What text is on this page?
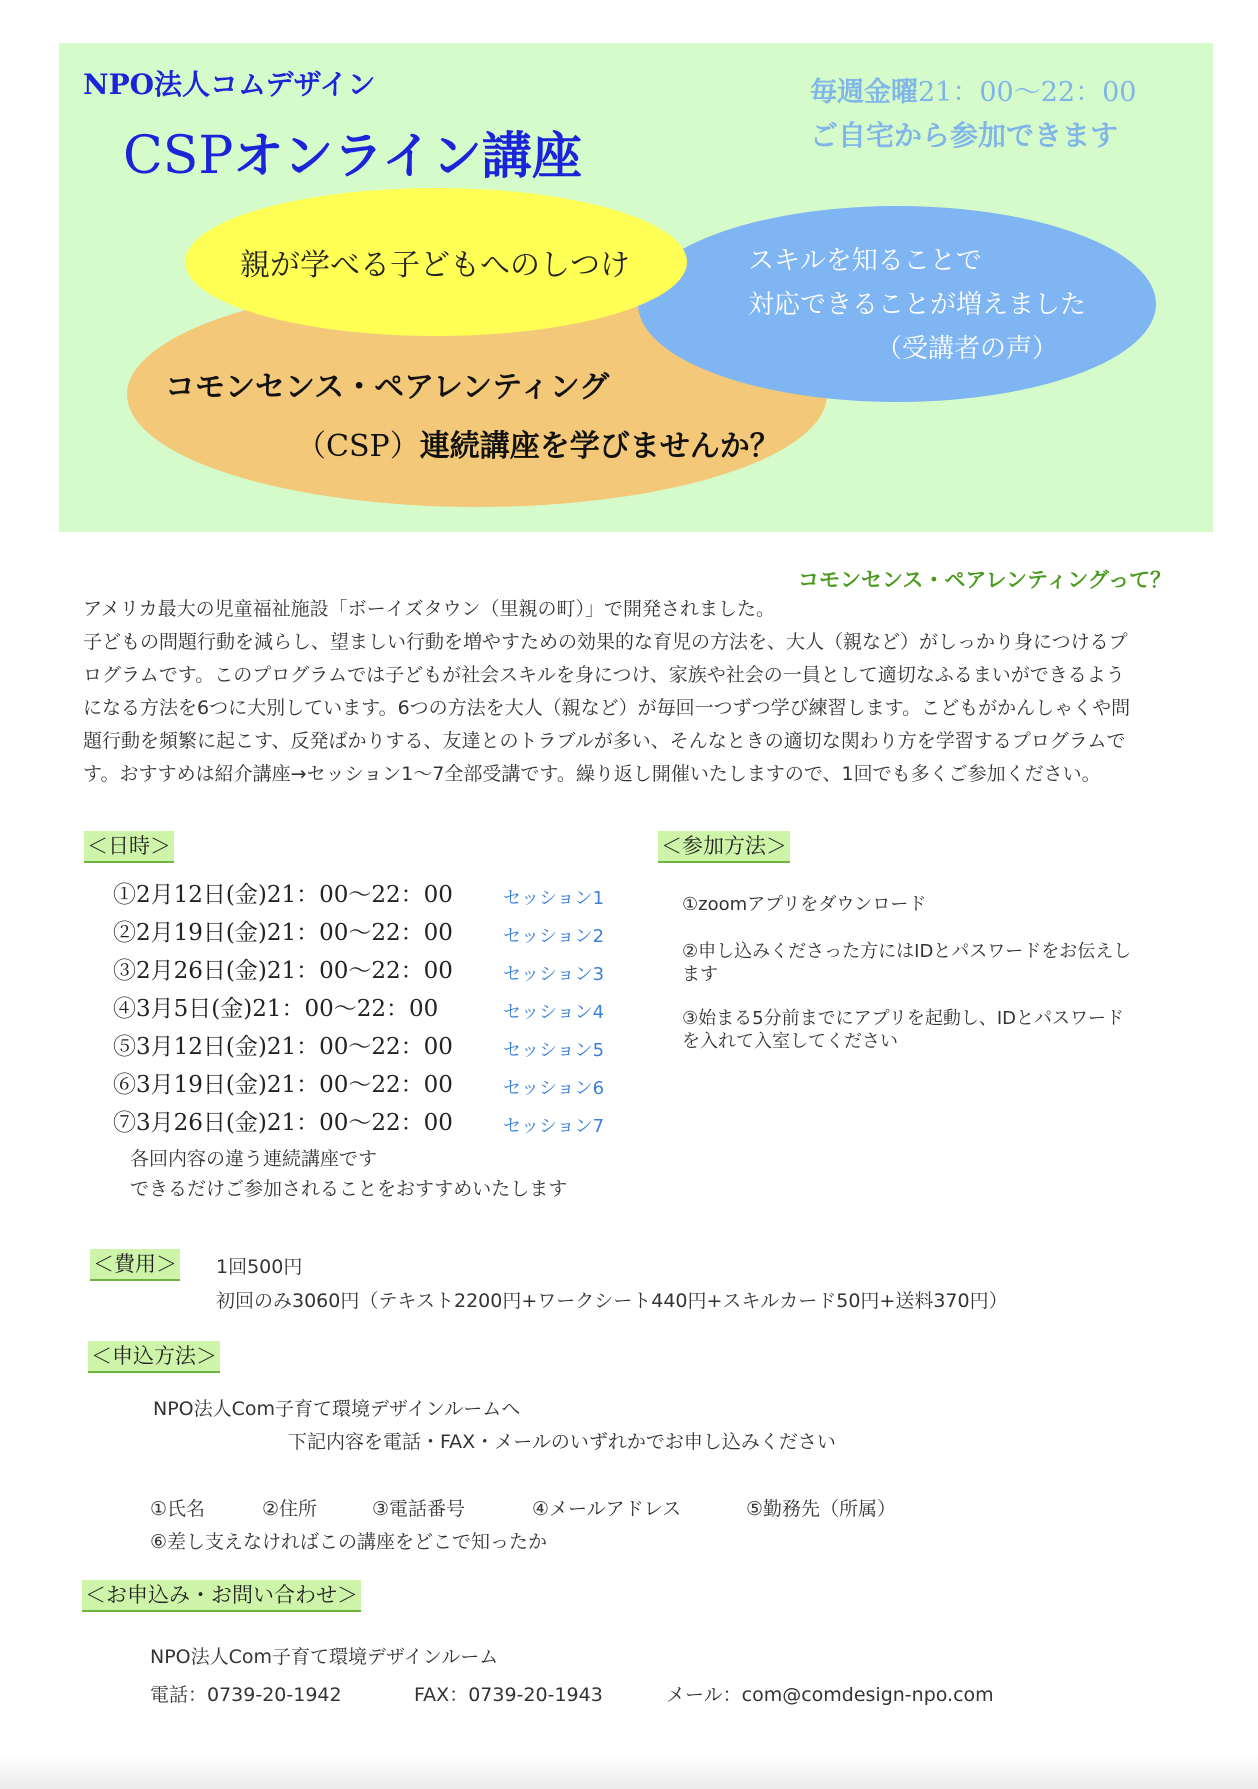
NPO法人コムデザイン
CSPオンライン講座
毎週金曜21：00〜22：00
ご自宅から参加できます
親が学べる子どもへのしつけ	スキルを知ることで
対応できることが増えました
（受講者の声）
コモンセンス・ペアレンティング
（CSP）連続講座を学びませんか？
コモンセンス・ペアレンティングって？

アメリカ最大の児童福祉施設「ボーイズタウン（里親の町）」で開発されました。

子どもの問題行動を減らし、望ましい行動を増やすための効果的な育児の方法を、大人（親など）がしっかり身につけるプ

ログラムです。このプログラムでは子どもが社会スキルを身につけ、家族や社会の一員として適切なふるまいができるよう

になる方法を6つに大別しています。6つの方法を大人（親など）が毎回一つずつ学び練習します。こどもがかんしゃくや問

題行動を頻繁に起こす、反発ばかりする、友達とのトラブルが多い、そんなときの適切な関わり方を学習するプログラムで

す。おすすめは紹介講座→セッション1〜7全部受講です。繰り返し開催いたしますので、1回でも多くご参加ください。

＜日時＞
①2月12日(金)21：00〜22：00	セッション1
②2月19日(金)21：00〜22：00	セッション2
③2月26日(金)21：00〜22：00	セッション3
④3月5日(金)21：00〜22：00	セッション4
⑤3月12日(金)21：00〜22：00	セッション5
⑥3月19日(金)21：00〜22：00	セッション6
⑦3月26日(金)21：00〜22：00	セッション7
各回内容の違う連続講座です
できるだけご参加されることをおすすめいたします
＜参加方法＞
①zoomアプリをダウンロード
②申し込みくださった方にはIDとパスワードをお伝えし
ます
③始まる5分前までにアプリを起動し、IDとパスワード
を入れて入室してください
＜費用＞ 1回500円
初回のみ3060円（テキスト2200円+ワークシート440円+スキルカード50円+送料370円）
＜申込方法＞
NPO法人Com子育て環境デザインルームへ
下記内容を電話・FAX・メールのいずれかでお申し込みください
①氏名	②住所	③電話番号	④メールアドレス	⑤勤務先（所属）
⑥差し支えなければこの講座をどこで知ったか
＜お申込み・お問い合わせ＞
NPO法人Com子育て環境デザインルーム
電話：0739-20-1942	FAX：0739-20-1943	メール：com@comdesign-npo.com
